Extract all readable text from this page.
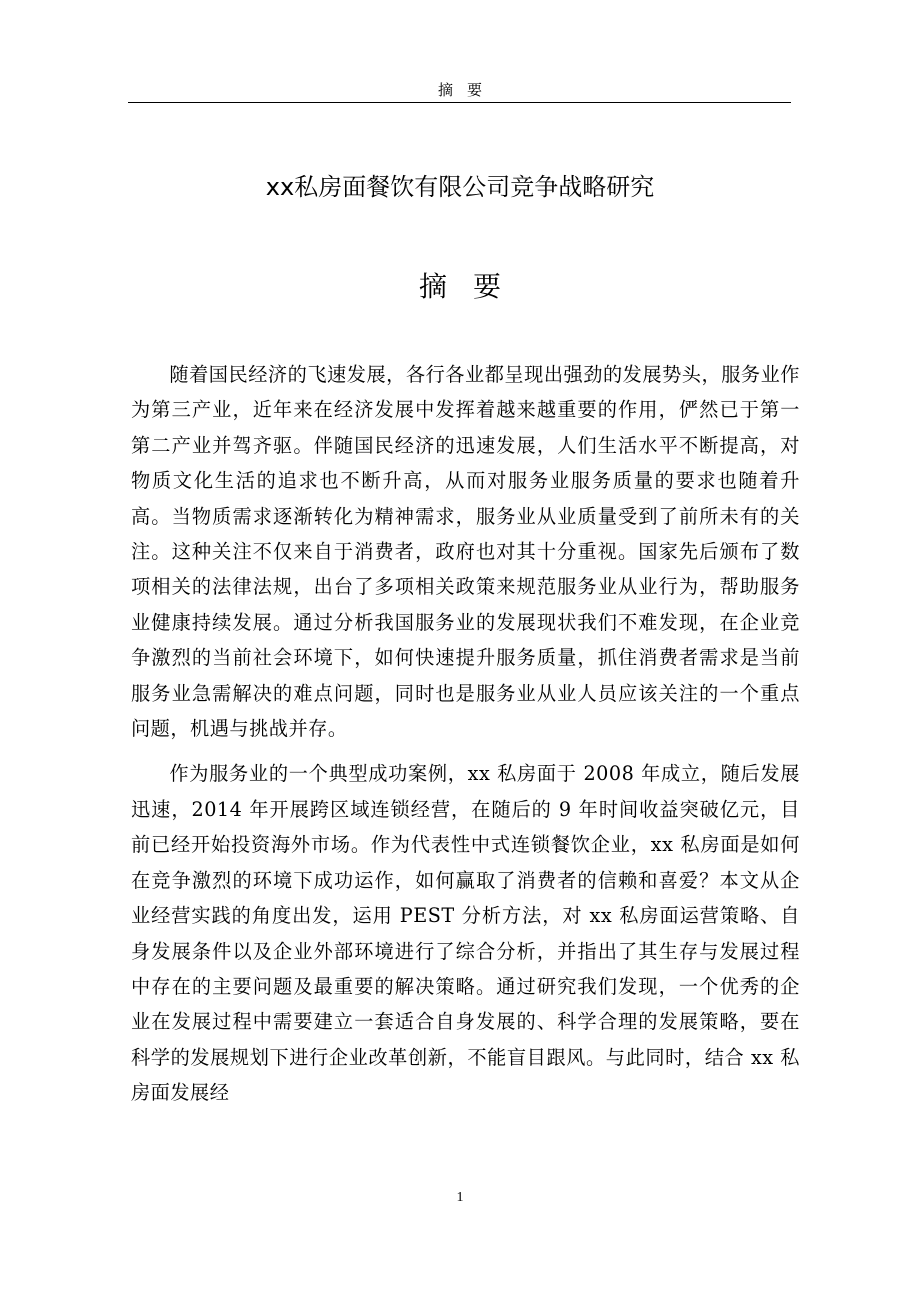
摘要
xx私房面餐饮有限公司竞争战略研究
摘要

随着国民经济的飞速发展，各行各业都呈现出强劲的发展势头，服务业作为第三产业，近年来在经济发展中发挥着越来越重要的作用，俨然已于第一第二产业并驾齐驱。伴随国民经济的迅速发展，人们生活水平不断提高，对物质文化生活的追求也不断升高，从而对服务业服务质量的要求也随着升高。当物质需求逐渐转化为精神需求，服务业从业质量受到了前所未有的关注。这种关注不仅来自于消费者，政府也对其十分重视。国家先后颁布了数项相关的法律法规，出台了多项相关政策来规范服务业从业行为，帮助服务业健康持续发展。通过分析我国服务业的发展现状我们不难发现，在企业竞争激烈的当前社会环境下，如何快速提升服务质量，抓住消费者需求是当前服务业急需解决的难点问题，同时也是服务业从业人员应该关注的一个重点问题，机遇与挑战并存。

作为服务业的一个典型成功案例，xx 私房面于 2008 年成立，随后发展迅速，2014 年开展跨区域连锁经营，在随后的 9 年时间收益突破亿元，目前已经开始投资海外市场。作为代表性中式连锁餐饮企业，xx 私房面是如何在竞争激烈的环境下成功运作，如何赢取了消费者的信赖和喜爱？本文从企业经营实践的角度出发，运用 PEST 分析方法，对 xx 私房面运营策略、自身发展条件以及企业外部环境进行了综合分析，并指出了其生存与发展过程中存在的主要问题及最重要的解决策略。通过研究我们发现，一个优秀的企业在发展过程中需要建立一套适合自身发展的、科学合理的发展策略，要在科学的发展规划下进行企业改革创新，不能盲目跟风。与此同时，结合 xx 私房面发展经

1
